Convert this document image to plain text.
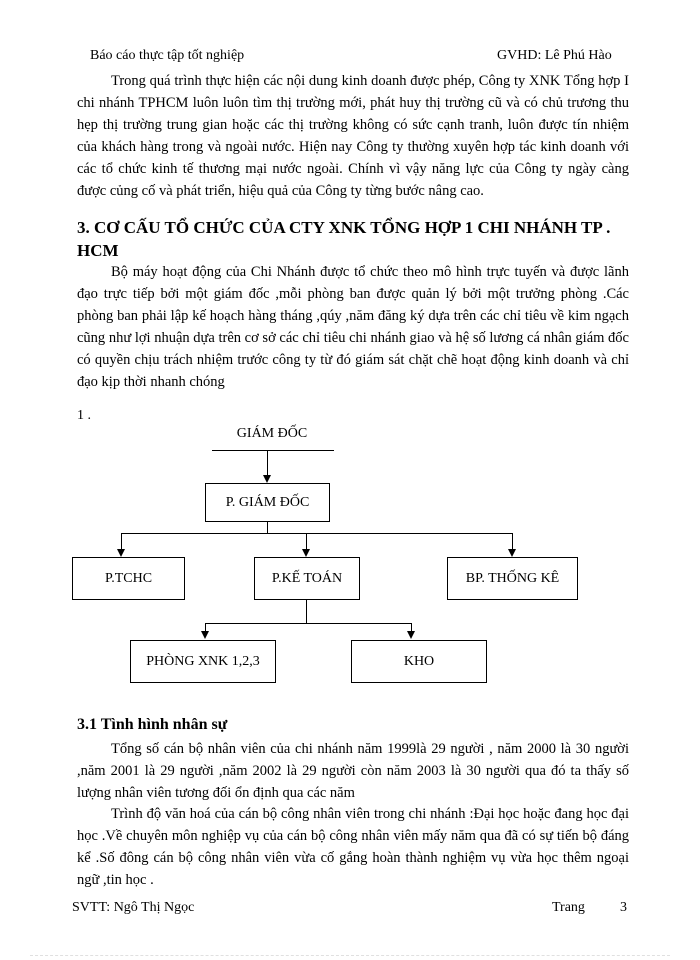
Báo cáo thực tập tốt nghiệp	GVHD: Lê Phú Hào

Trong quá trình thực hiện các nội dung kinh doanh được phép, Công ty XNK Tổng hợp I chi nhánh TPHCM luôn luôn tìm thị trường mới, phát huy thị trường cũ và có chủ trương thu hẹp thị trường trung gian hoặc các thị trường không có sức cạnh tranh, luôn được tín nhiệm của khách hàng trong và ngoài nước. Hiện nay Công ty thường xuyên hợp tác kinh doanh với các tổ chức kinh tế thương mại nước ngoài. Chính vì vậy năng lực của Công ty ngày càng được củng cố và phát triển, hiệu quả của Công ty từng bước nâng cao.

3. CƠ CẤU TỔ CHỨC CỦA CTY XNK TỔNG HỢP 1 CHI NHÁNH TP . HCM

Bộ máy hoạt động của Chi Nhánh được tổ chức theo mô hình trực tuyến và được lãnh đạo trực tiếp bởi một giám đốc ,mỗi phòng ban được quản lý bởi một trưởng phòng .Các phòng ban phải lập kế hoạch hàng tháng ,qúy ,năm đăng ký dựa trên các chỉ tiêu về kim ngạch cũng như lợi nhuận dựa trên cơ sở các chỉ tiêu chi nhánh giao và hệ số lương cá nhân giám đốc có quyền chịu trách nhiệm trước công ty từ đó giám sát chặt chẽ hoạt động kinh doanh và chỉ đạo kịp thời nhanh chóng

1 .
GIÁM ĐỐC
P. GIÁM ĐỐC
P.TCHC	P.KẾ TOÁN	BP. THỐNG KÊ
PHÒNG XNK 1,2,3	KHO
3.1 Tình hình nhân sự

Tổng số cán bộ nhân viên của chi nhánh năm 1999là 29 người , năm 2000 là 30 người ,năm 2001 là 29 người ,năm 2002 là 29 người còn năm 2003 là 30 người qua đó ta thấy số lượng nhân viên tương đối ổn định qua các năm

Trình độ văn hoá của cán bộ công nhân viên trong chi nhánh :Đại học hoặc đang học đại học .Về chuyên môn nghiệp vụ của cán bộ công nhân viên mấy năm qua đã có sự tiến bộ đáng kể .Số đông cán bộ công nhân viên vừa cố gắng hoàn thành nghiệm vụ vừa học thêm ngoại ngữ ,tin học .

SVTT: Ngô Thị Ngọc	Trang	3
